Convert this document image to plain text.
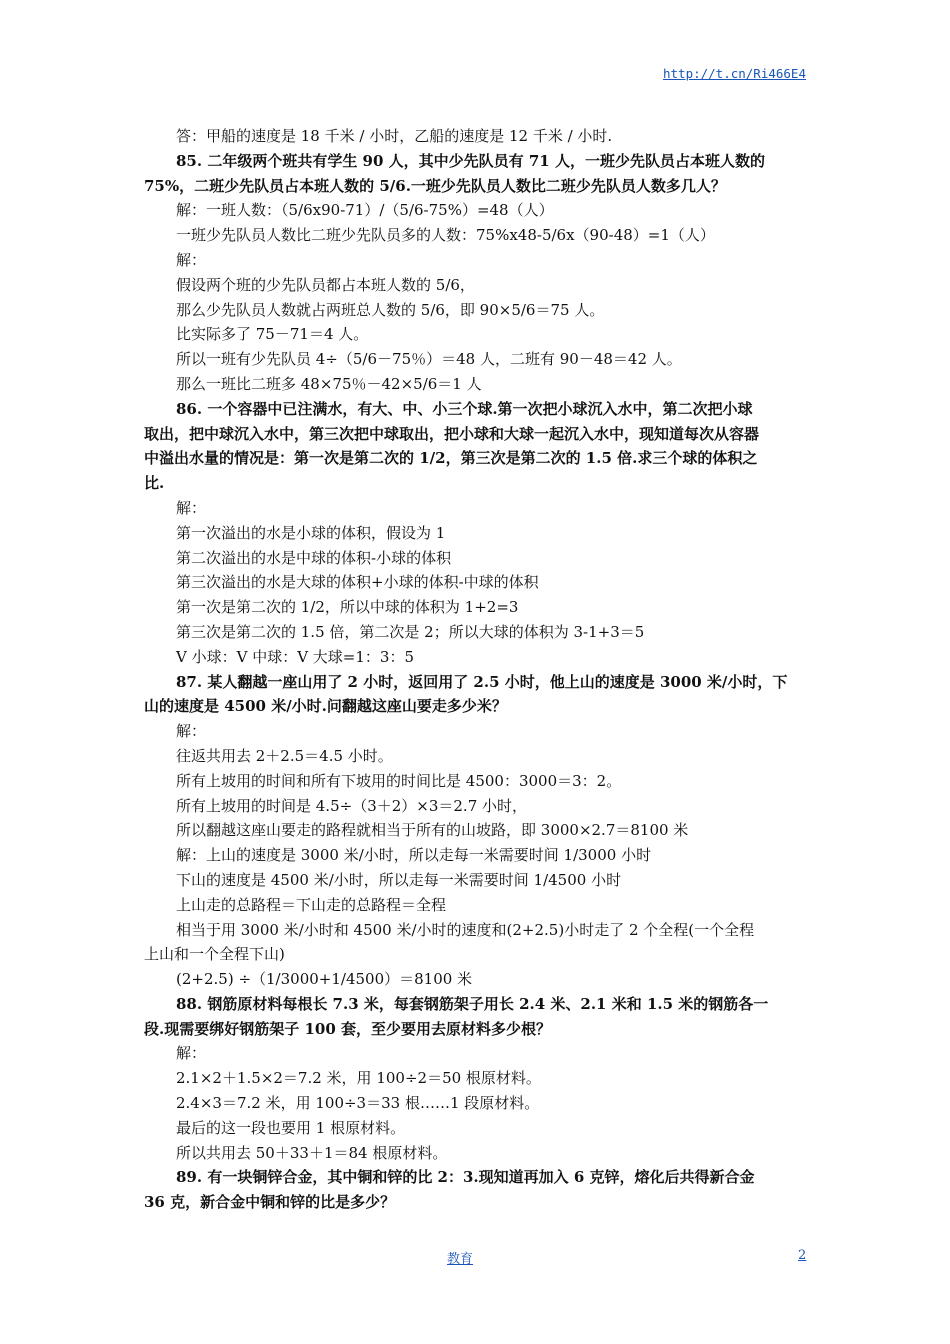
http://t.cn/Ri466E4
答：甲船的速度是 18 千米 / 小时，乙船的速度是 12 千米 / 小时.
85. 二年级两个班共有学生 90 人，其中少先队员有 71 人，一班少先队员占本班人数的
75%，二班少先队员占本班人数的 5/6.一班少先队员人数比二班少先队员人数多几人？
解：一班人数：（5/6x90-71）/（5/6-75%）=48（人）
一班少先队员人数比二班少先队员多的人数：75%x48-5/6x（90-48）=1（人）
解：
假设两个班的少先队员都占本班人数的 5/6，
那么少先队员人数就占两班总人数的 5/6，即 90×5/6＝75 人。
比实际多了 75－71＝4 人。
所以一班有少先队员 4÷（5/6－75％）＝48 人，二班有 90－48＝42 人。
那么一班比二班多 48×75％－42×5/6＝1 人
86. 一个容器中已注满水，有大、中、小三个球.第一次把小球沉入水中，第二次把小球
取出，把中球沉入水中，第三次把中球取出，把小球和大球一起沉入水中，现知道每次从容器
中溢出水量的情况是：第一次是第二次的 1/2，第三次是第二次的 1.5 倍.求三个球的体积之
比.
解：
第一次溢出的水是小球的体积，假设为 1
第二次溢出的水是中球的体积-小球的体积
第三次溢出的水是大球的体积+小球的体积-中球的体积
第一次是第二次的 1/2，所以中球的体积为 1+2=3
第三次是第二次的 1.5 倍，第二次是 2；所以大球的体积为 3-1+3＝5
V 小球：V 中球：V 大球=1：3：5
87. 某人翻越一座山用了 2 小时，返回用了 2.5 小时，他上山的速度是 3000 米/小时，下
山的速度是 4500 米/小时.问翻越这座山要走多少米？
解：
往返共用去 2＋2.5＝4.5 小时。
所有上坡用的时间和所有下坡用的时间比是 4500：3000＝3：2。
所有上坡用的时间是 4.5÷（3＋2）×3＝2.7 小时，
所以翻越这座山要走的路程就相当于所有的山坡路，即 3000×2.7＝8100 米
解：上山的速度是 3000 米/小时，所以走每一米需要时间 1/3000 小时
下山的速度是 4500 米/小时，所以走每一米需要时间 1/4500 小时
上山走的总路程＝下山走的总路程＝全程
相当于用 3000 米/小时和 4500 米/小时的速度和(2+2.5)小时走了 2 个全程(一个全程
上山和一个全程下山)
(2+2.5) ÷（1/3000+1/4500）＝8100 米
88. 钢筋原材料每根长 7.3 米，每套钢筋架子用长 2.4 米、2.1 米和 1.5 米的钢筋各一
段.现需要绑好钢筋架子 100 套，至少要用去原材料多少根？
解：
2.1×2＋1.5×2＝7.2 米，用 100÷2＝50 根原材料。
2.4×3＝7.2 米，用 100÷3＝33 根……1 段原材料。
最后的这一段也要用 1 根原材料。
所以共用去 50＋33＋1＝84 根原材料。
89. 有一块铜锌合金，其中铜和锌的比 2：3.现知道再加入 6 克锌，熔化后共得新合金
36 克，新合金中铜和锌的比是多少？
教育	2
